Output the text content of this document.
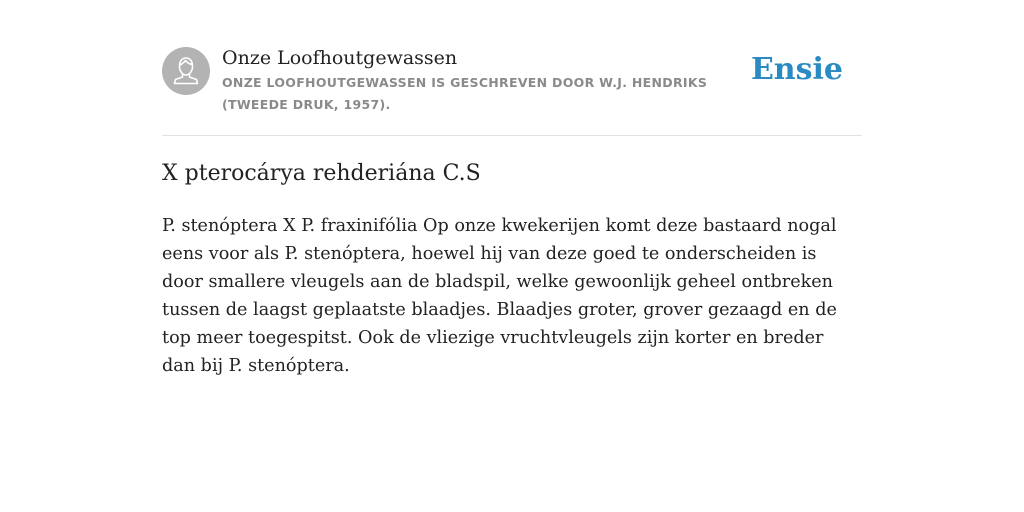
Onze Loofhoutgewassen

ONZE LOOFHOUTGEWASSEN IS GESCHREVEN DOOR W.J. HENDRIKS (TWEEDE DRUK, 1957).

Ensie
X pterocárya rehderiána C.S

P. stenóptera X P. fraxinifólia Op onze kwekerijen komt deze bastaard nogal eens voor als P. stenóptera, hoewel hij van deze goed te onderscheiden is door smallere vleugels aan de bladspil, welke gewoonlijk geheel ontbreken tussen de laagst geplaatste blaadjes. Blaadjes groter, grover gezaagd en de top meer toegespitst. Ook de vliezige vruchtvleugels zijn korter en breder dan bij P. stenóptera.
